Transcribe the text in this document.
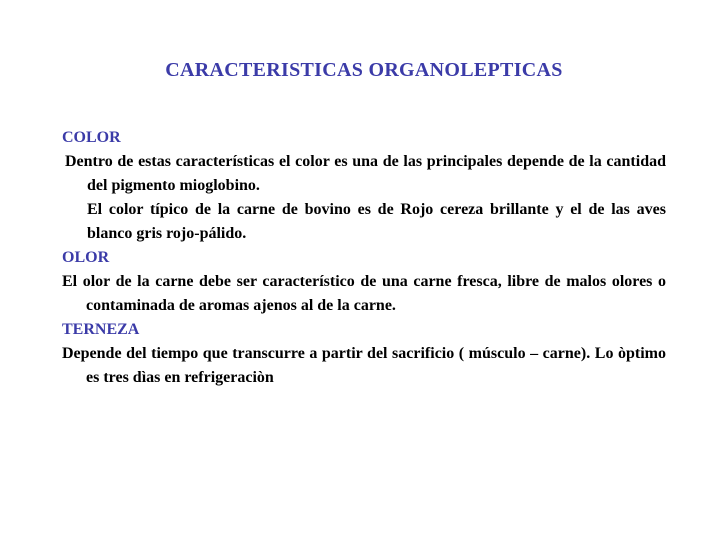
CARACTERISTICAS ORGANOLEPTICAS

COLOR

Dentro de estas características el color es una de las principales depende de la cantidad del pigmento mioglobino.

El color típico de la carne de bovino es de Rojo cereza brillante y el de las aves blanco gris rojo-pálido.

OLOR

El olor de la carne debe ser característico de una carne fresca, libre de malos olores o contaminada de aromas ajenos al de la carne.

TERNEZA

Depende del tiempo que transcurre a partir del sacrificio ( músculo – carne). Lo òptimo es tres dìas en refrigeraciòn
